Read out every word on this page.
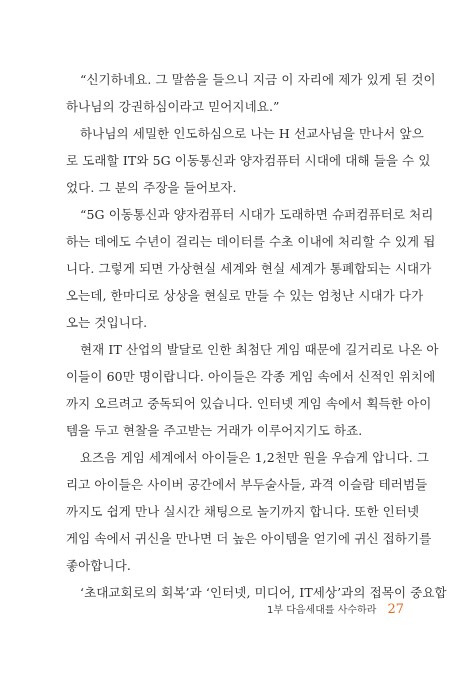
“신기하네요. 그 말씀을 들으니 지금 이 자리에 제가 있게 된 것이
하나님의 강권하심이라고 믿어지네요.”
하나님의 세밀한 인도하심으로 나는 H 선교사님을 만나서 앞으
로 도래할 IT와 5G 이동통신과 양자컴퓨터 시대에 대해 들을 수 있
었다. 그 분의 주장을 들어보자.
“5G 이동통신과 양자컴퓨터 시대가 도래하면 슈퍼컴퓨터로 처리
하는 데에도 수년이 걸리는 데이터를 수초 이내에 처리할 수 있게 됩
니다. 그렇게 되면 가상현실 세계와 현실 세계가 통폐합되는 시대가
오는데, 한마디로 상상을 현실로 만들 수 있는 엄청난 시대가 다가
오는 것입니다.
현재 IT 산업의 발달로 인한 최첨단 게임 때문에 길거리로 나온 아
이들이 60만 명이랍니다. 아이들은 각종 게임 속에서 신적인 위치에
까지 오르려고 중독되어 있습니다. 인터넷 게임 속에서 획득한 아이
템을 두고 현찰을 주고받는 거래가 이루어지기도 하죠.
요즈음 게임 세계에서 아이들은 1,2천만 원을 우습게 압니다. 그
리고 아이들은 사이버 공간에서 부두술사들, 과격 이슬람 테러범들
까지도 쉽게 만나 실시간 채팅으로 놀기까지 합니다. 또한 인터넷
게임 속에서 귀신을 만나면 더 높은 아이템을 얻기에 귀신 접하기를
좋아합니다.
‘초대교회로의 회복’과 ‘인터넷, 미디어, IT세상’과의 접목이 중요합
1부 다음세대를 사수하라 27
